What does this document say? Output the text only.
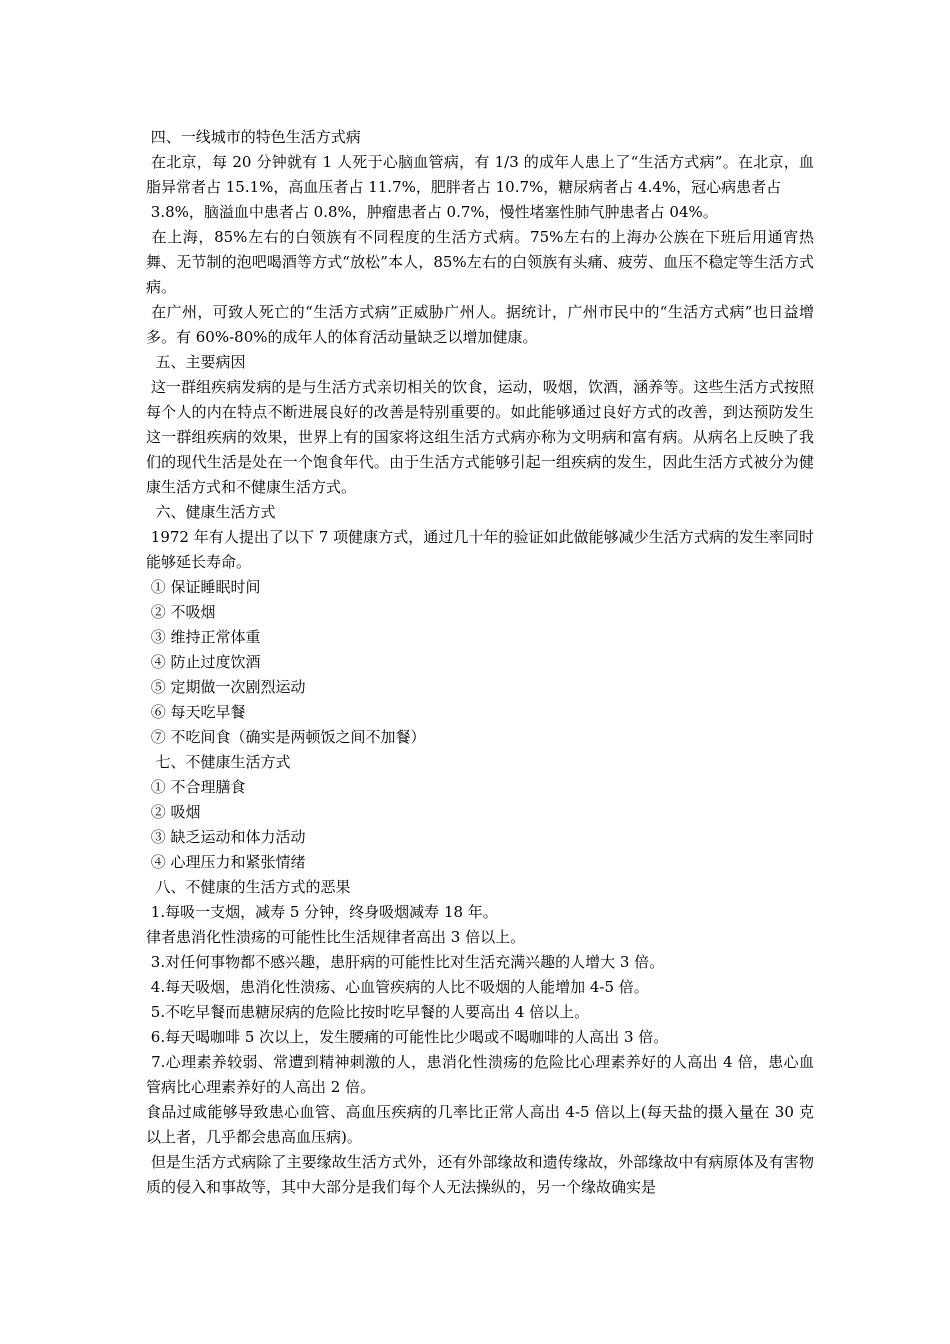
四、一线城市的特色生活方式病

在北京，每 20 分钟就有 1 人死于心脑血管病，有 1/3 的成年人患上了“生活方式病”。在北京，血脂异常者占 15.1%，高血压者占 11.7%，肥胖者占 10.7%，糖尿病者占 4.4%，冠心病患者占

3.8%，脑溢血中患者占 0.8%，肿瘤患者占 0.7%，慢性堵塞性肺气肿患者占 04%。

在上海，85%左右的白领族有不同程度的生活方式病。75%左右的上海办公族在下班后用通宵热舞、无节制的泡吧喝酒等方式“放松”本人，85%左右的白领族有头痛、疲劳、血压不稳定等生活方式病。

在广州，可致人死亡的“生活方式病”正威胁广州人。据统计，广州市民中的“生活方式病”也日益增多。有 60%-80%的成年人的体育活动量缺乏以增加健康。

五、主要病因

这一群组疾病发病的是与生活方式亲切相关的饮食，运动，吸烟，饮酒，涵养等。这些生活方式按照每个人的内在特点不断进展良好的改善是特别重要的。如此能够通过良好方式的改善，到达预防发生这一群组疾病的效果，世界上有的国家将这组生活方式病亦称为文明病和富有病。从病名上反映了我们的现代生活是处在一个饱食年代。由于生活方式能够引起一组疾病的发生，因此生活方式被分为健康生活方式和不健康生活方式。

六、健康生活方式

1972 年有人提出了以下 7 项健康方式，通过几十年的验证如此做能够减少生活方式病的发生率同时能够延长寿命。

① 保证睡眠时间

② 不吸烟

③ 维持正常体重

④ 防止过度饮酒

⑤ 定期做一次剧烈运动

⑥ 每天吃早餐

⑦ 不吃间食（确实是两顿饭之间不加餐）

七、不健康生活方式

① 不合理膳食

② 吸烟

③ 缺乏运动和体力活动

④ 心理压力和紧张情绪

八、不健康的生活方式的恶果

1.每吸一支烟，减寿 5 分钟，终身吸烟减寿 18 年。

律者患消化性溃疡的可能性比生活规律者高出 3 倍以上。

3.对任何事物都不感兴趣，患肝病的可能性比对生活充满兴趣的人增大 3 倍。

4.每天吸烟，患消化性溃疡、心血管疾病的人比不吸烟的人能增加 4-5 倍。

5.不吃早餐而患糖尿病的危险比按时吃早餐的人要高出 4 倍以上。

6.每天喝咖啡 5 次以上，发生腰痛的可能性比少喝或不喝咖啡的人高出 3 倍。

7.心理素养较弱、常遭到精神刺激的人，患消化性溃疡的危险比心理素养好的人高出 4 倍，患心血管病比心理素养好的人高出 2 倍。

食品过咸能够导致患心血管、高血压疾病的几率比正常人高出 4-5 倍以上(每天盐的摄入量在 30 克以上者，几乎都会患高血压病)。

但是生活方式病除了主要缘故生活方式外，还有外部缘故和遗传缘故，外部缘故中有病原体及有害物质的侵入和事故等，其中大部分是我们每个人无法操纵的，另一个缘故确实是
